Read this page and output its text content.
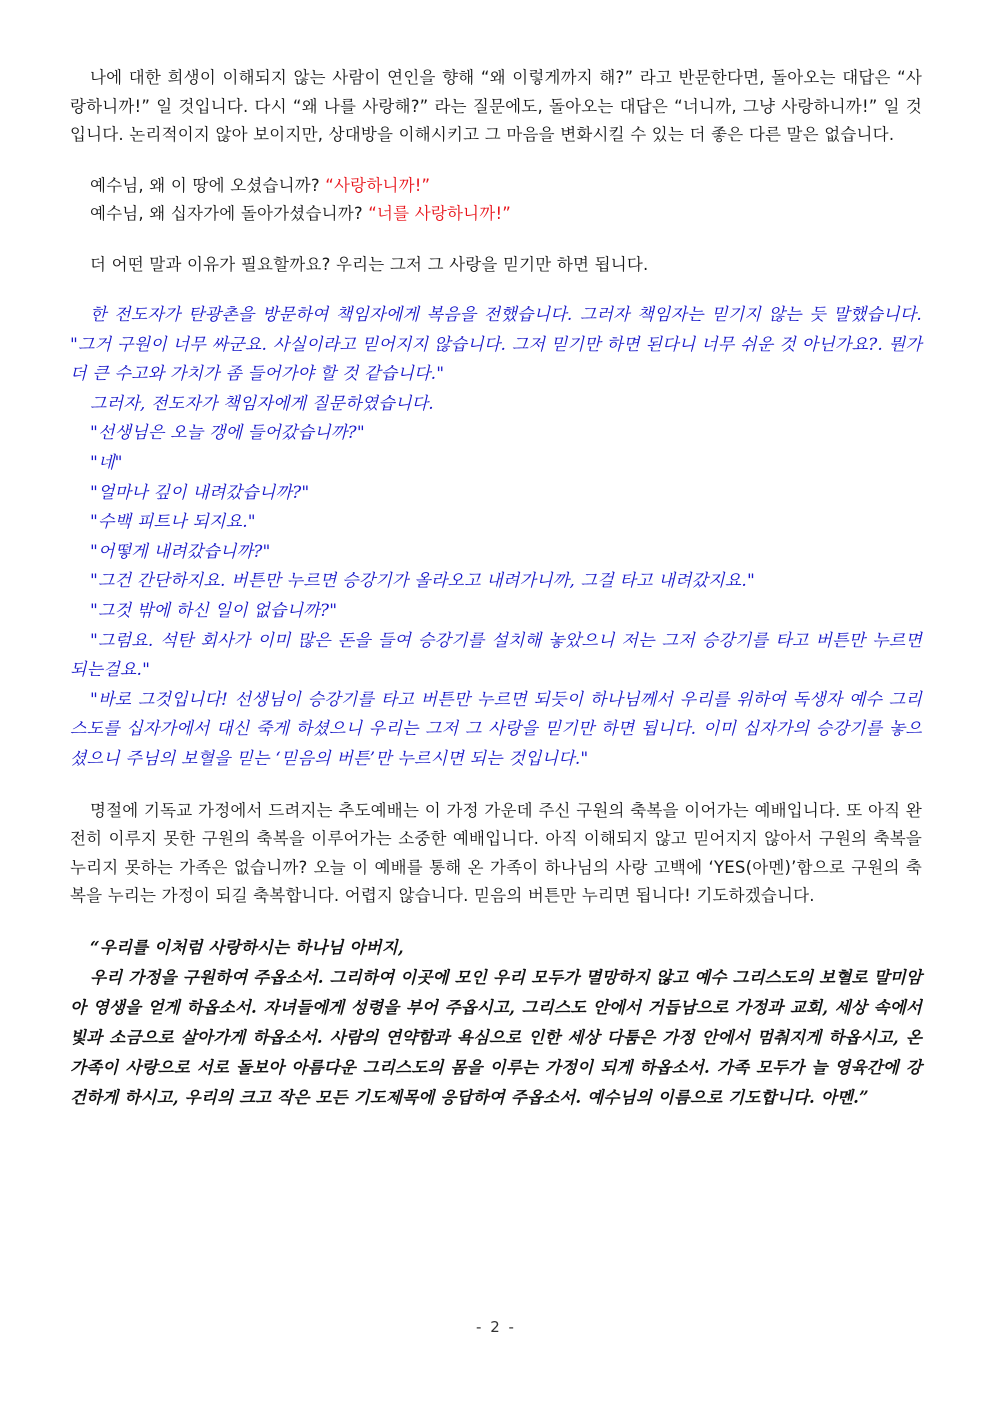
나에 대한 희생이 이해되지 않는 사람이 연인을 향해 “왜 이렇게까지 해?” 라고 반문한다면, 돌아오는 대답은 “사랑하니까!” 일 것입니다. 다시 “왜 나를 사랑해?” 라는 질문에도, 돌아오는 대답은 “너니까, 그냥 사랑하니까!” 일 것입니다. 논리적이지 않아 보이지만, 상대방을 이해시키고 그 마음을 변화시킬 수 있는 더 좋은 다른 말은 없습니다.

예수님, 왜 이 땅에 오셨습니까? “사랑하니까!”

예수님, 왜 십자가에 돌아가셨습니까? “너를 사랑하니까!”

더 어떤 말과 이유가 필요할까요? 우리는 그저 그 사랑을 믿기만 하면 됩니다.

한 전도자가 탄광촌을 방문하여 책임자에게 복음을 전했습니다. 그러자 책임자는 믿기지 않는 듯 말했습니다. "그거 구원이 너무 싸군요. 사실이라고 믿어지지 않습니다. 그저 믿기만 하면 된다니 너무 쉬운 것 아닌가요?. 뭔가 더 큰 수고와 가치가 좀 들어가야 할 것 같습니다."

그러자, 전도자가 책임자에게 질문하였습니다.

"선생님은 오늘 갱에 들어갔습니까?"

"네"

"얼마나 깊이 내려갔습니까?"

"수백 피트나 되지요."

"어떻게 내려갔습니까?"

"그건 간단하지요. 버튼만 누르면 승강기가 올라오고 내려가니까, 그걸 타고 내려갔지요."

"그것 밖에 하신 일이 없습니까?"

"그럼요. 석탄 회사가 이미 많은 돈을 들여 승강기를 설치해 놓았으니 저는 그저 승강기를 타고 버튼만 누르면 되는걸요."

"바로 그것입니다! 선생님이 승강기를 타고 버튼만 누르면 되듯이 하나님께서 우리를 위하여 독생자 예수 그리스도를 십자가에서 대신 죽게 하셨으니 우리는 그저 그 사랑을 믿기만 하면 됩니다. 이미 십자가의 승강기를 놓으셨으니 주님의 보혈을 믿는 ‘믿음의 버튼’만 누르시면 되는 것입니다."

명절에 기독교 가정에서 드려지는 추도예배는 이 가정 가운데 주신 구원의 축복을 이어가는 예배입니다. 또 아직 완전히 이루지 못한 구원의 축복을 이루어가는 소중한 예배입니다. 아직 이해되지 않고 믿어지지 않아서 구원의 축복을 누리지 못하는 가족은 없습니까? 오늘 이 예배를 통해 온 가족이 하나님의 사랑 고백에 ‘YES(아멘)’함으로 구원의 축복을 누리는 가정이 되길 축복합니다. 어렵지 않습니다. 믿음의 버튼만 누리면 됩니다! 기도하겠습니다.

“우리를 이처럼 사랑하시는 하나님 아버지,

우리 가정을 구원하여 주옵소서. 그리하여 이곳에 모인 우리 모두가 멸망하지 않고 예수 그리스도의 보혈로 말미암아 영생을 얻게 하옵소서. 자녀들에게 성령을 부어 주옵시고, 그리스도 안에서 거듭남으로 가정과 교회, 세상 속에서 빛과 소금으로 살아가게 하옵소서. 사람의 연약함과 욕심으로 인한 세상 다툼은 가정 안에서 멈춰지게 하옵시고, 온 가족이 사랑으로 서로 돌보아 아름다운 그리스도의 몸을 이루는 가정이 되게 하옵소서. 가족 모두가 늘 영육간에 강건하게 하시고, 우리의 크고 작은 모든 기도제목에 응답하여 주옵소서. 예수님의 이름으로 기도합니다. 아멘.”

- 2 -
